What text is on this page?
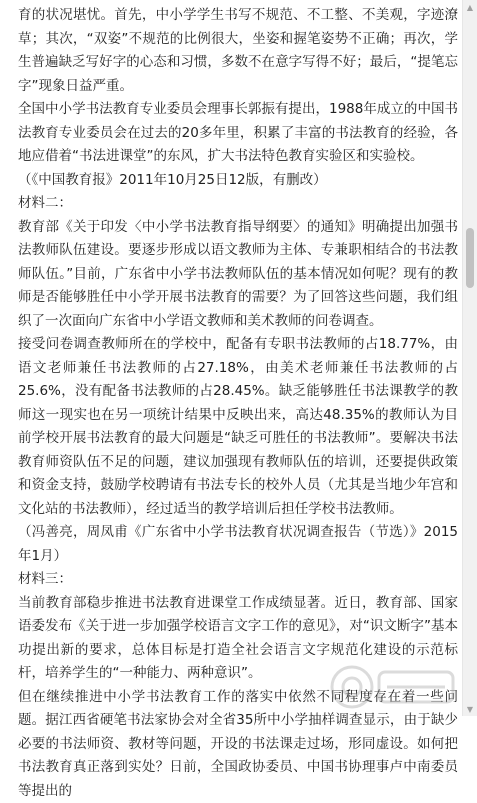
育的状况堪忧。首先，中小学学生书写不规范、不工整、不美观，字迹潦草；其次，“双姿”不规范的比例很大，坐姿和握笔姿势不正确；再次，学生普遍缺乏写好字的心态和习惯，多数不在意字写得不好；最后，“提笔忘字”现象日益严重。

全国中小学书法教育专业委员会理事长郭振有提出，1988年成立的中国书法教育专业委员会在过去的20多年里，积累了丰富的书法教育的经验，各地应借着“书法进课堂”的东风，扩大书法特色教育实验区和实验校。

（《中国教育报》2011年10月25日12版，有删改）

材料二：

教育部《关于印发〈中小学书法教育指导纲要〉的通知》明确提出加强书法教师队伍建设。要逐步形成以语文教师为主体、专兼职相结合的书法教师队伍。”目前，广东省中小学书法教师队伍的基本情况如何呢？现有的教师是否能够胜任中小学开展书法教育的需要？为了回答这些问题，我们组织了一次面向广东省中小学语文教师和美术教师的问卷调查。

接受问卷调查教师所在的学校中，配备有专职书法教师的占18.77%，由语文老师兼任书法教师的占27.18%，由美术老师兼任书法教师的占25.6%，没有配备书法教师的占28.45%。缺乏能够胜任书法课教学的教师这一现实也在另一项统计结果中反映出来，高达48.35%的教师认为目前学校开展书法教育的最大问题是“缺乏可胜任的书法教师”。要解决书法教育师资队伍不足的问题，建议加强现有教师队伍的培训，还要提供政策和资金支持，鼓励学校聘请有书法专长的校外人员（尤其是当地少年宫和文化站的书法教师），经过适当的教学培训后担任学校书法教师。

（冯善亮，周凤甫《广东省中小学书法教育状况调查报告（节选）》2015年1月）

材料三：

当前教育部稳步推进书法教育进课堂工作成绩显著。近日，教育部、国家语委发布《关于进一步加强学校语言文字工作的意见》，对“识文断字”基本功提出新的要求，总体目标是打造全社会语言文字规范化建设的示范标杆，培养学生的“一种能力、两种意识”。

但在继续推进中小学书法教育工作的落实中依然不同程度存在着一些问题。据江西省硬笔书法家协会对全省35所中小学抽样调查显示，由于缺少必要的书法师资、教材等问题，开设的书法课走过场，形同虚设。如何把书法教育真正落到实处？日前，全国政协委员、中国书协理事卢中南委员等提出的

▲
▼
